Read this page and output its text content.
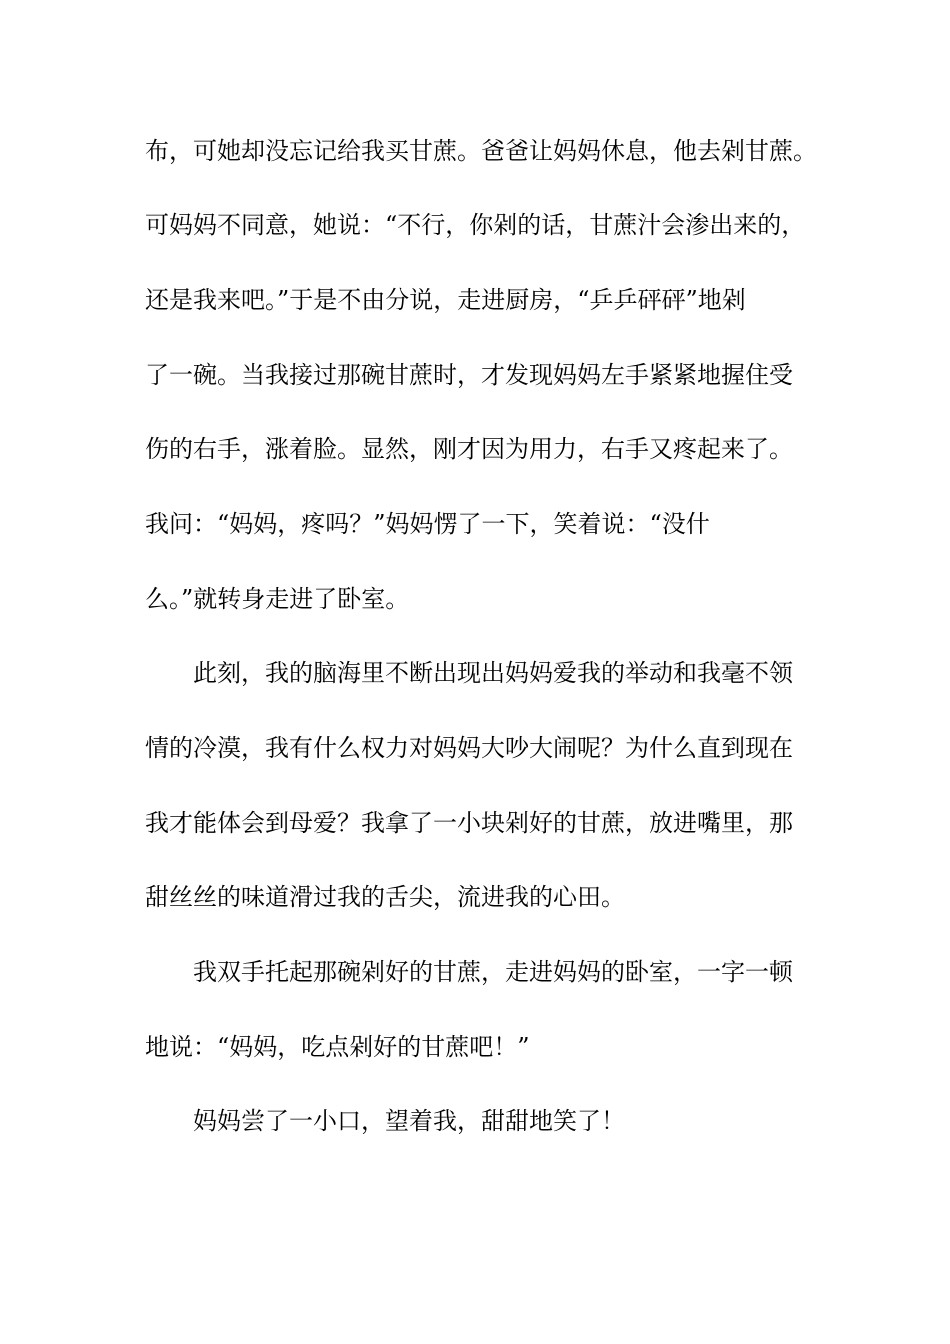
布，可她却没忘记给我买甘蔗。爸爸让妈妈休息，他去剁甘蔗。
可妈妈不同意，她说：“不行，你剁的话，甘蔗汁会渗出来的，
还是我来吧。”于是不由分说，走进厨房，“乒乒砰砰”地剁
了一碗。当我接过那碗甘蔗时，才发现妈妈左手紧紧地握住受
伤的右手，涨着脸。显然，刚才因为用力，右手又疼起来了。
我问：“妈妈，疼吗？”妈妈愣了一下，笑着说：“没什
么。”就转身走进了卧室。
　　此刻，我的脑海里不断出现出妈妈爱我的举动和我毫不领
情的冷漠，我有什么权力对妈妈大吵大闹呢？为什么直到现在
我才能体会到母爱？我拿了一小块剁好的甘蔗，放进嘴里，那
甜丝丝的味道滑过我的舌尖，流进我的心田。
　　我双手托起那碗剁好的甘蔗，走进妈妈的卧室，一字一顿
地说：“妈妈，吃点剁好的甘蔗吧！”
　　妈妈尝了一小口，望着我，甜甜地笑了！
